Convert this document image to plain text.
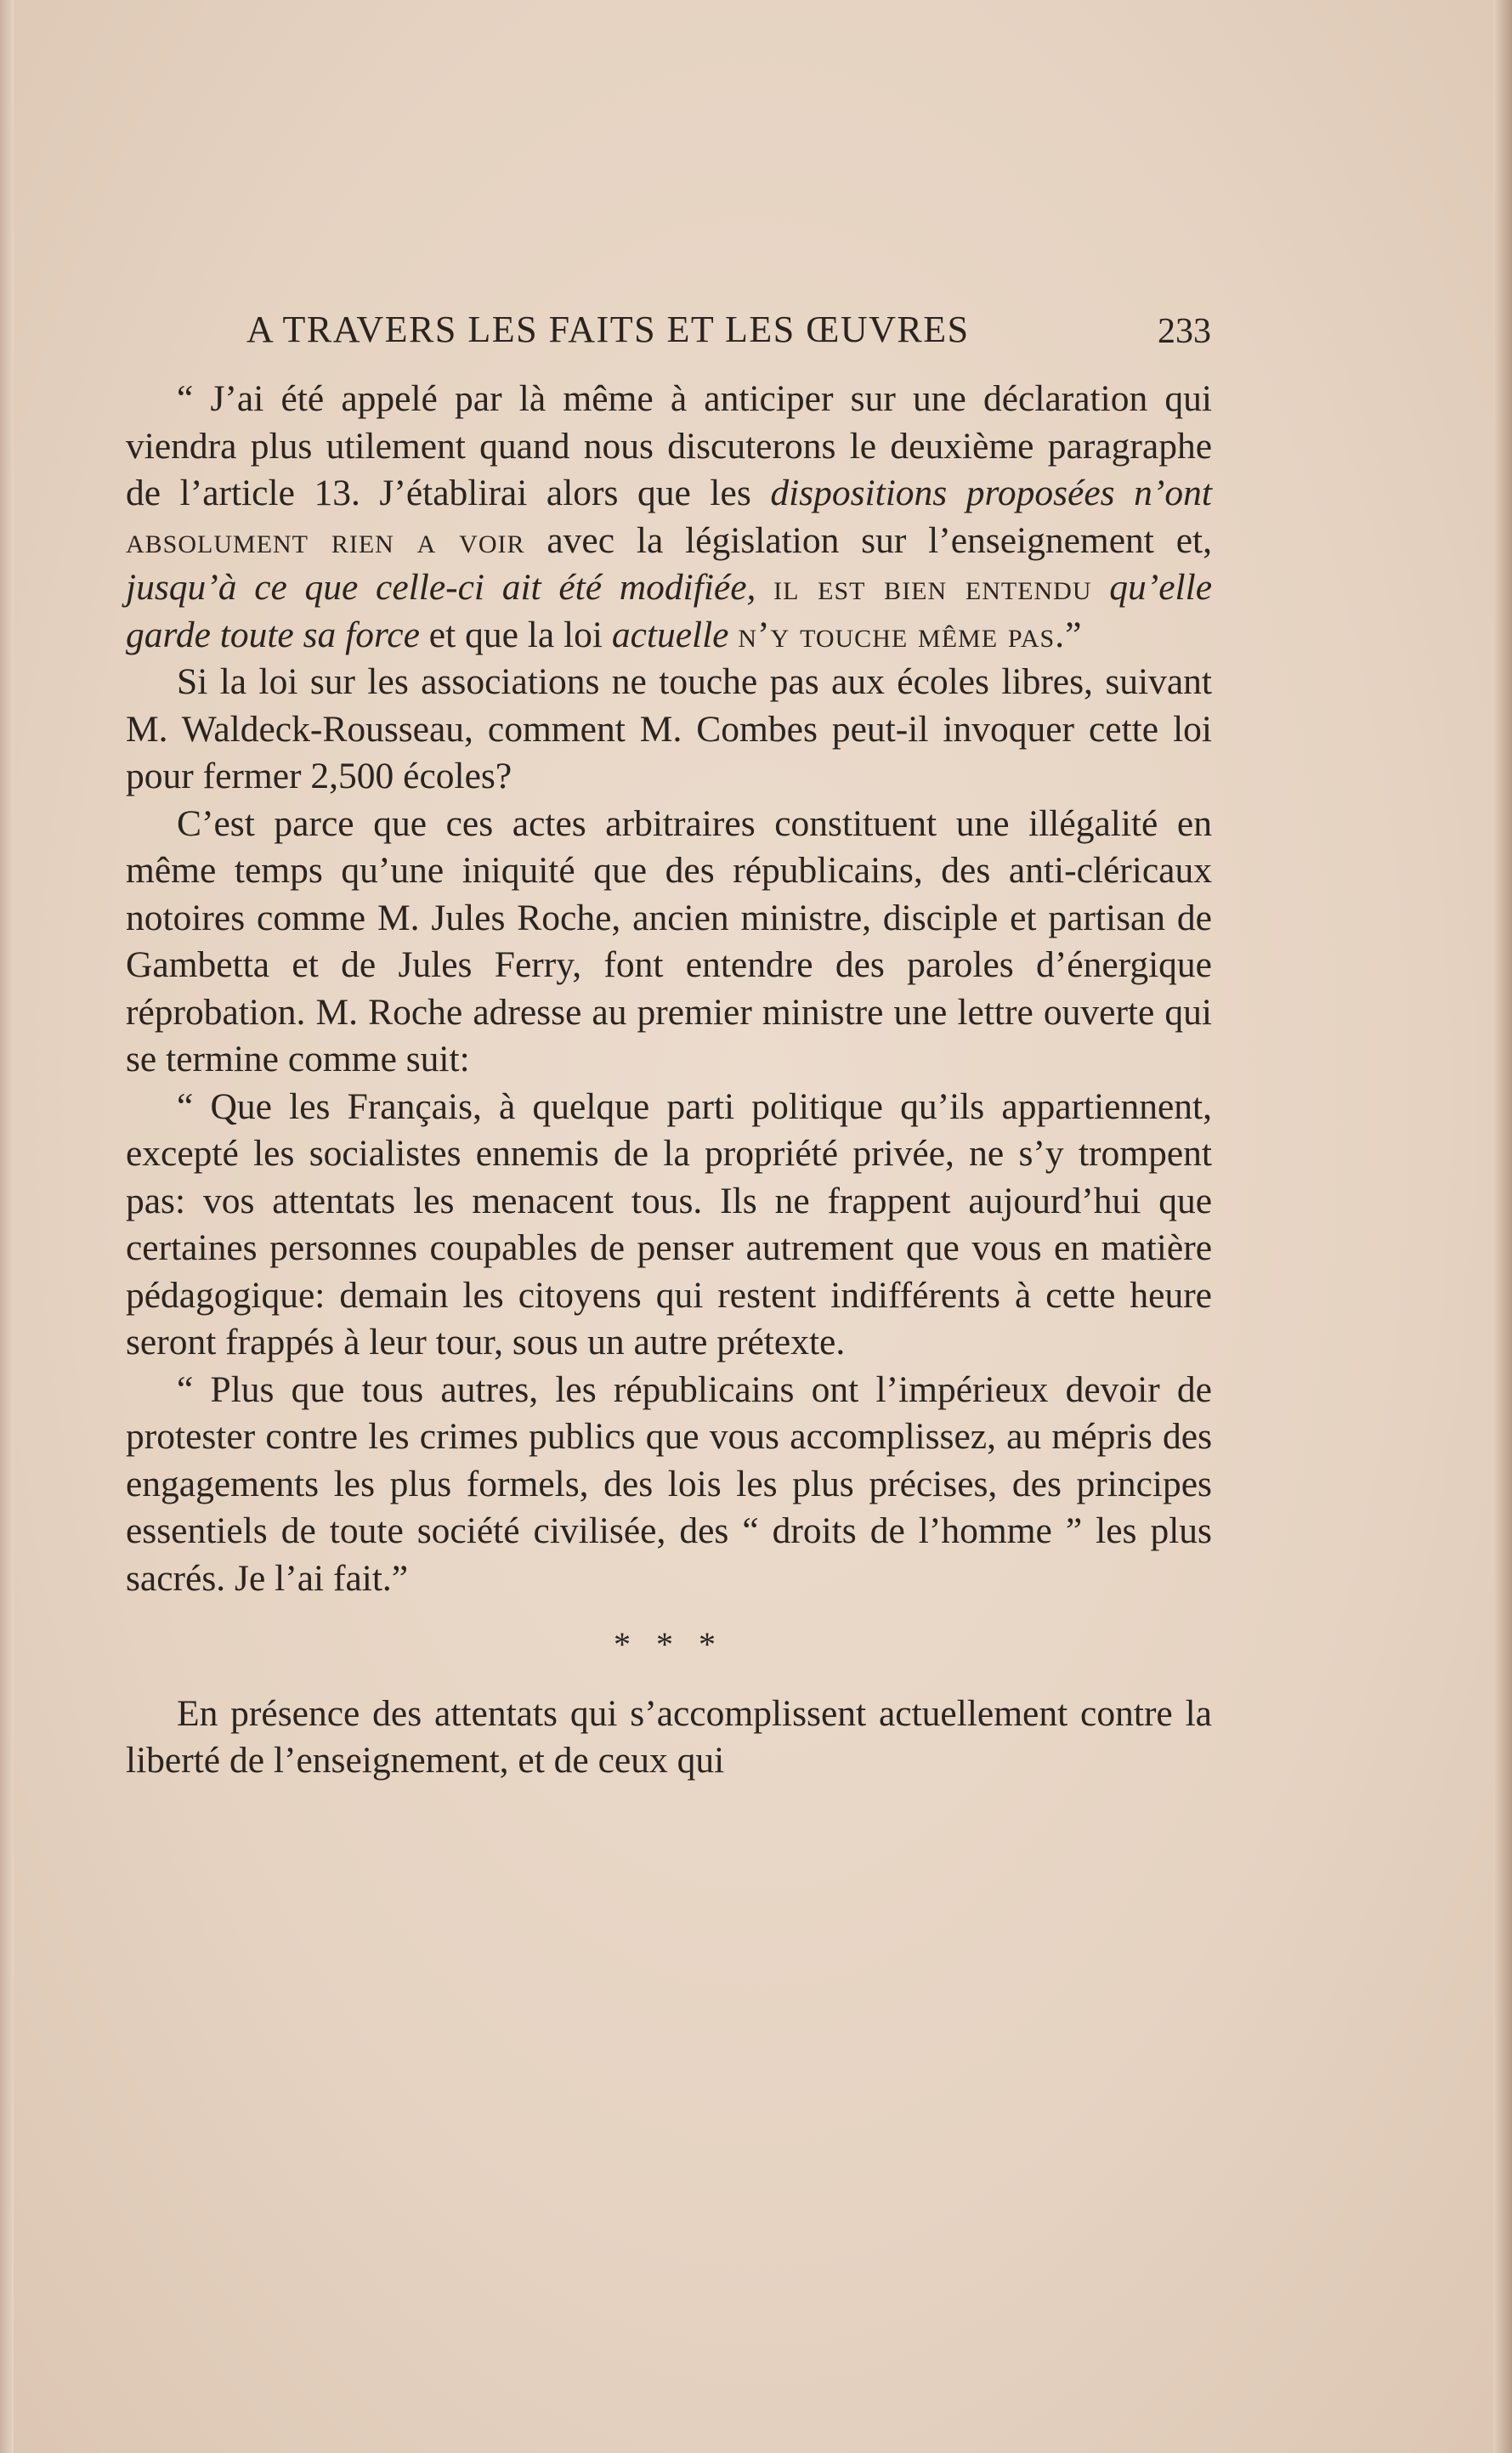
A TRAVERS LES FAITS ET LES ŒUVRES	233

“ J’ai été appelé par là même à anticiper sur une déclaration qui viendra plus utilement quand nous discuterons le deuxième paragraphe de l’article 13. J’établirai alors que les dispositions proposées n’ont absolument rien a voir avec la législation sur l’enseignement et, jusqu’à ce que celle-ci ait été modifiée, il est bien entendu qu’elle garde toute sa force et que la loi actuelle n’y touche même pas.”

Si la loi sur les associations ne touche pas aux écoles libres, suivant M. Waldeck-Rousseau, comment M. Combes peut-il invoquer cette loi pour fermer 2,500 écoles?

C’est parce que ces actes arbitraires constituent une illégalité en même temps qu’une iniquité que des républicains, des anti-cléricaux notoires comme M. Jules Roche, ancien ministre, disciple et partisan de Gambetta et de Jules Ferry, font entendre des paroles d’énergique réprobation. M. Roche adresse au premier ministre une lettre ouverte qui se termine comme suit:

“ Que les Français, à quelque parti politique qu’ils appartiennent, excepté les socialistes ennemis de la propriété privée, ne s’y trompent pas: vos attentats les menacent tous. Ils ne frappent aujourd’hui que certaines personnes coupables de penser autrement que vous en matière pédagogique: demain les citoyens qui restent indifférents à cette heure seront frappés à leur tour, sous un autre prétexte.

“ Plus que tous autres, les républicains ont l’impérieux devoir de protester contre les crimes publics que vous accomplissez, au mépris des engagements les plus formels, des lois les plus précises, des principes essentiels de toute société civilisée, des “ droits de l’homme ” les plus sacrés. Je l’ai fait.”

* * *

En présence des attentats qui s’accomplissent actuellement contre la liberté de l’enseignement, et de ceux qui
